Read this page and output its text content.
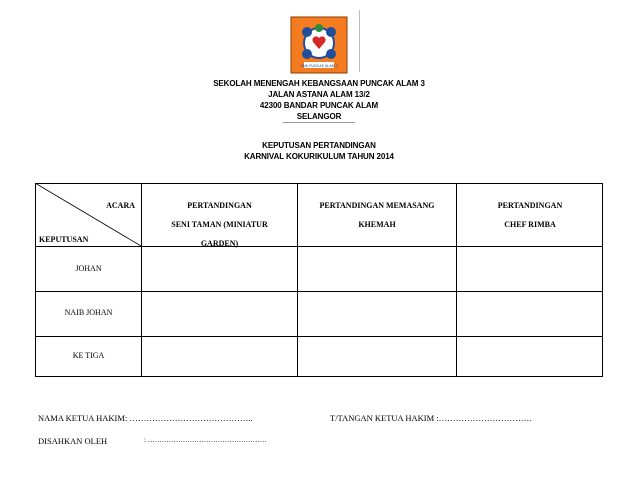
SMK PUNCAK ALAM 3
SEKOLAH MENENGAH KEBANGSAAN PUNCAK ALAM 3
JALAN ASTANA ALAM 13/2
42300 BANDAR PUNCAK ALAM
SELANGOR
KEPUTUSAN PERTANDINGAN
KARNIVAL KOKURIKULUM TAHUN 2014
ACARA
KEPUTUSAN
PERTANDINGAN
SENI TAMAN (MINIATUR
GARDEN)
PERTANDINGAN MEMASANG
KHEMAH
PERTANDINGAN
CHEF RIMBA
JOHAN
NAIB JOHAN
KE TIGA
NAMA KETUA HAKIM: ……………………………………..	T/TANGAN KETUA HAKIM :……………………………
DISAHKAN OLEH	: ……………………………………………
